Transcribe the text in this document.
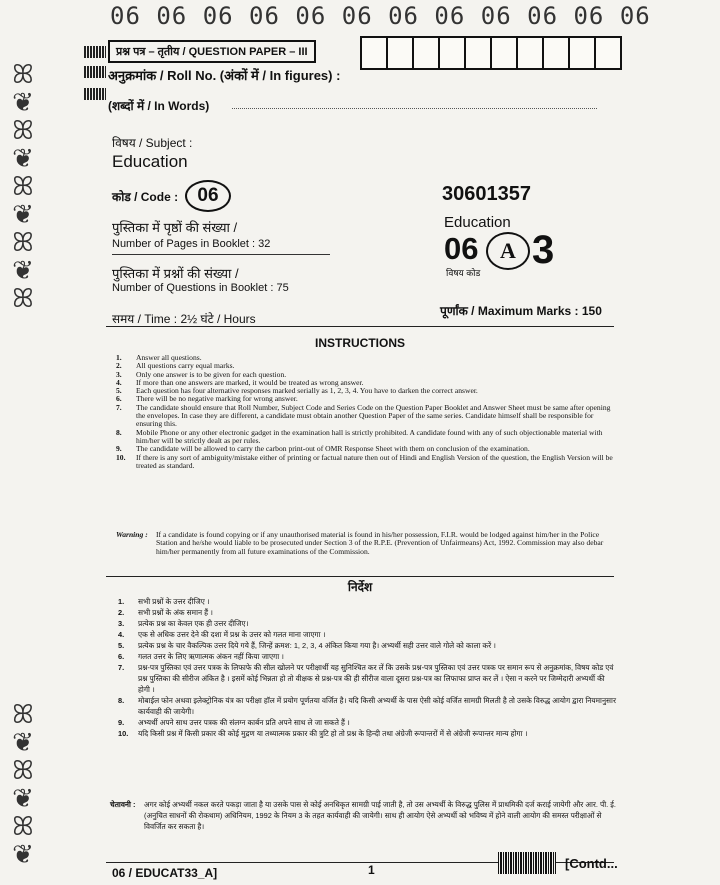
ꕤ
❦
ꕤ
❦
ꕤ
❦
ꕤ
❦
ꕤ
ꕤ
❦
ꕤ
❦
ꕤ
❦
06 06 06 06 06 06 06 06 06 06 06 06
प्रश्न पत्र – तृतीय / QUESTION PAPER – III
अनुक्रमांक / Roll No. (अंकों में / In figures) :
(शब्दों में / In Words)
विषय / Subject :
Education
कोड / Code :	06	30601357
पुस्तिका में पृष्ठों की संख्या /
Number of Pages in Booklet : 32
Education
06 A 3
विषय कोड
पुस्तिका में प्रश्नों की संख्या /
Number of Questions in Booklet : 75
समय / Time : 2½ घंटे / Hours
पूर्णांक / Maximum Marks : 150
INSTRUCTIONS
1.	Answer all questions.
2.	All questions carry equal marks.
3.	Only one answer is to be given for each question.
4.	If more than one answers are marked, it would be treated as wrong answer.
5.	Each question has four alternative responses marked serially as 1, 2, 3, 4. You have to darken the correct answer.
6.	There will be no negative marking for wrong answer.
7.	The candidate should ensure that Roll Number, Subject Code and Series Code on the Question Paper Booklet and Answer Sheet must be same after opening the envelopes. In case they are different, a candidate must obtain another Question Paper of the same series. Candidate himself shall be responsible for ensuring this.
8.	Mobile Phone or any other electronic gadget in the examination hall is strictly prohibited. A candidate found with any of such objectionable material with him/her will be strictly dealt as per rules.
9.	The candidate will be allowed to carry the carbon print-out of OMR Response Sheet with them on conclusion of the examination.
10.	If there is any sort of ambiguity/mistake either of printing or factual nature then out of Hindi and English Version of the question, the English Version will be treated as standard.
Warning :	If a candidate is found copying or if any unauthorised material is found in his/her possession, F.I.R. would be lodged against him/her in the Police Station and he/she would liable to be prosecuted under Section 3 of the R.P.E. (Prevention of Unfairmeans) Act, 1992. Commission may also debar him/her permanently from all future examinations of the Commission.
निर्देश
1.	सभी प्रश्नों के उत्तर दीजिए ।
2.	सभी प्रश्नों के अंक समान हैं ।
3.	प्रत्येक प्रश्न का केवल एक ही उत्तर दीजिए।
4.	एक से अधिक उत्तर देने की दशा में प्रश्न के उत्तर को गलत माना जाएगा ।
5.	प्रत्येक प्रश्न के चार वैकल्पिक उत्तर दिये गये हैं, जिन्हें क्रमश: 1, 2, 3, 4 अंकित किया गया है। अभ्यर्थी सही उत्तर वाले गोले को काला करें ।
6.	गलत उत्तर के लिए ऋणात्मक अंकन नहीं किया जाएगा ।
7.	प्रश्न-पत्र पुस्तिका एवं उत्तर पत्रक के लिफाफे की सील खोलने पर परीक्षार्थी यह सुनिश्चित कर लें कि उसके प्रश्न-पत्र पुस्तिका एवं उत्तर पत्रक पर समान रूप से अनुक्रमांक, विषय कोड एवं प्रश्न पुस्तिका की सीरीज अंकित है । इसमें कोई भिन्नता हो तो वीक्षक से प्रश्न-पत्र की ही सीरीज वाला दूसरा प्रश्न-पत्र का लिफाफा प्राप्त कर लें । ऐसा न करने पर जिम्मेदारी अभ्यर्थी की होगी ।
8.	मोबाईल फोन अथवा इलेक्ट्रोनिक यंत्र का परीक्षा हॉल में प्रयोग पूर्णतया वर्जित है। यदि किसी अभ्यर्थी के पास ऐसी कोई वर्जित सामग्री मिलती है तो उसके विरुद्ध आयोग द्वारा नियमानुसार कार्यवाही की जायेगी।
9.	अभ्यर्थी अपने साथ उत्तर पत्रक की संलग्न कार्बन प्रति अपने साथ ले जा सकते हैं ।
10.	यदि किसी प्रश्न में किसी प्रकार की कोई मुद्रण या तथ्यात्मक प्रकार की त्रुटि हो तो प्रश्न के हिन्दी तथा अंग्रेजी रूपान्तरों में से अंग्रेजी रूपान्तर मान्य होगा ।
चेतावनी :	अगर कोई अभ्यर्थी नकल करते पकड़ा जाता है या उसके पास से कोई अनधिकृत सामग्री पाई जाती है, तो उस अभ्यर्थी के विरुद्ध पुलिस में प्राथमिकी दर्ज कराई जायेगी और आर. पी. ई. (अनुचित साधनों की रोकथाम) अधिनियम, 1992 के नियम 3 के तहत कार्यवाही की जायेगी। साथ ही आयोग ऐसे अभ्यर्थी को भविष्य में होने वाली आयोग की समस्त परीक्षाओं से विवर्जित कर सकता है।
06 / EDUCAT33_A]	1	[Contd...
